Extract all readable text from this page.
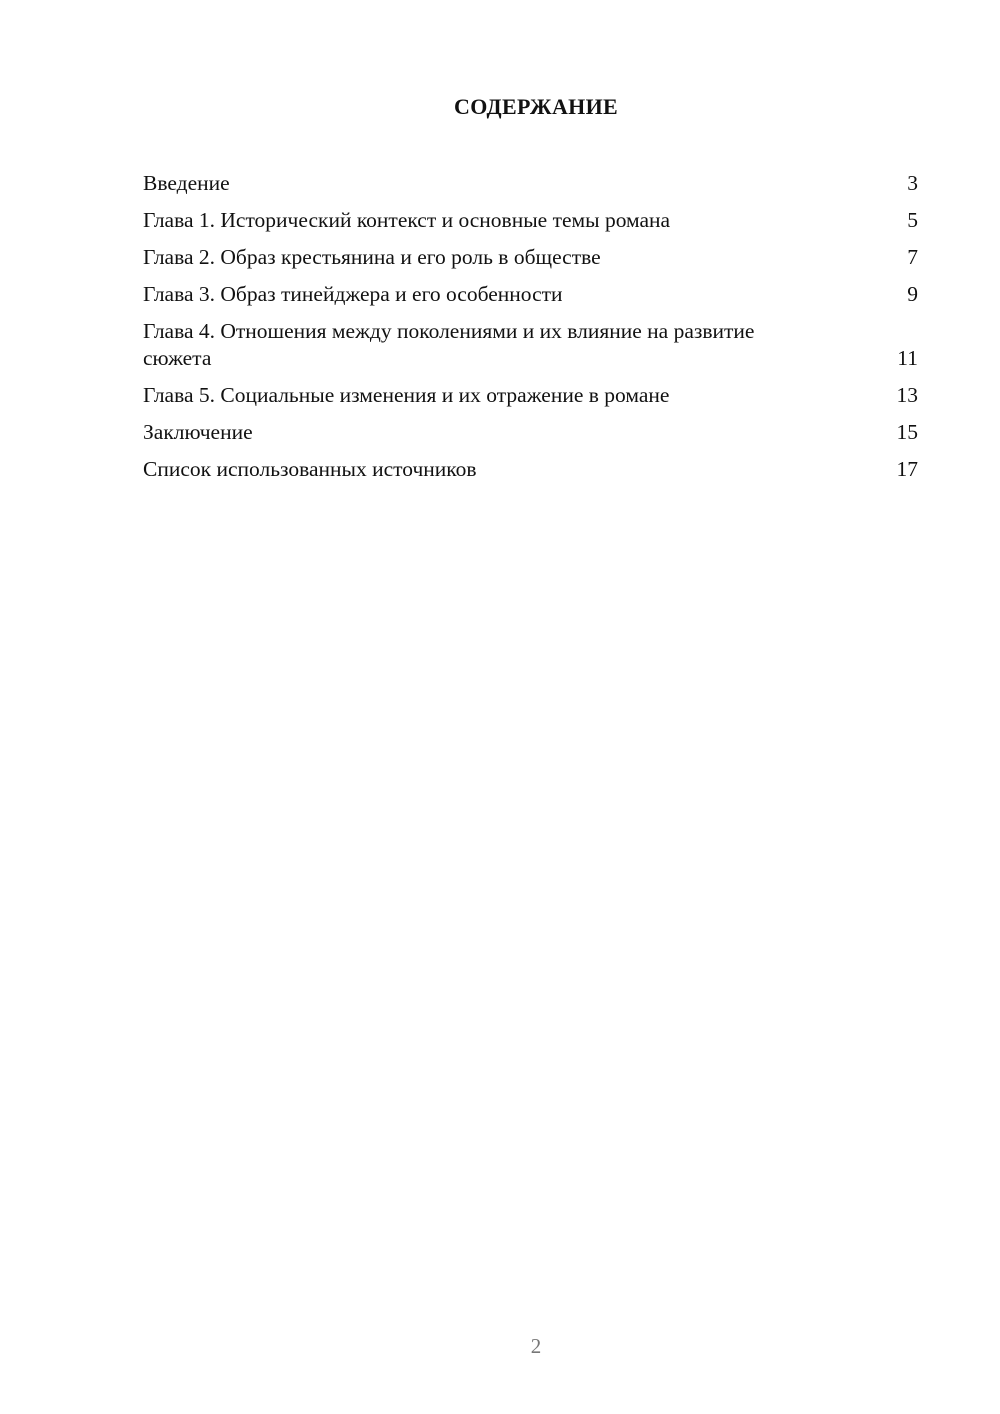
СОДЕРЖАНИЕ
Введение	3
Глава 1. Исторический контекст и основные темы романа	5
Глава 2. Образ крестьянина и его роль в обществе	7
Глава 3. Образ тинейджера и его особенности	9
Глава 4. Отношения между поколениями и их влияние на развитие сюжета	11
Глава 5. Социальные изменения и их отражение в романе	13
Заключение	15
Список использованных источников	17
2
